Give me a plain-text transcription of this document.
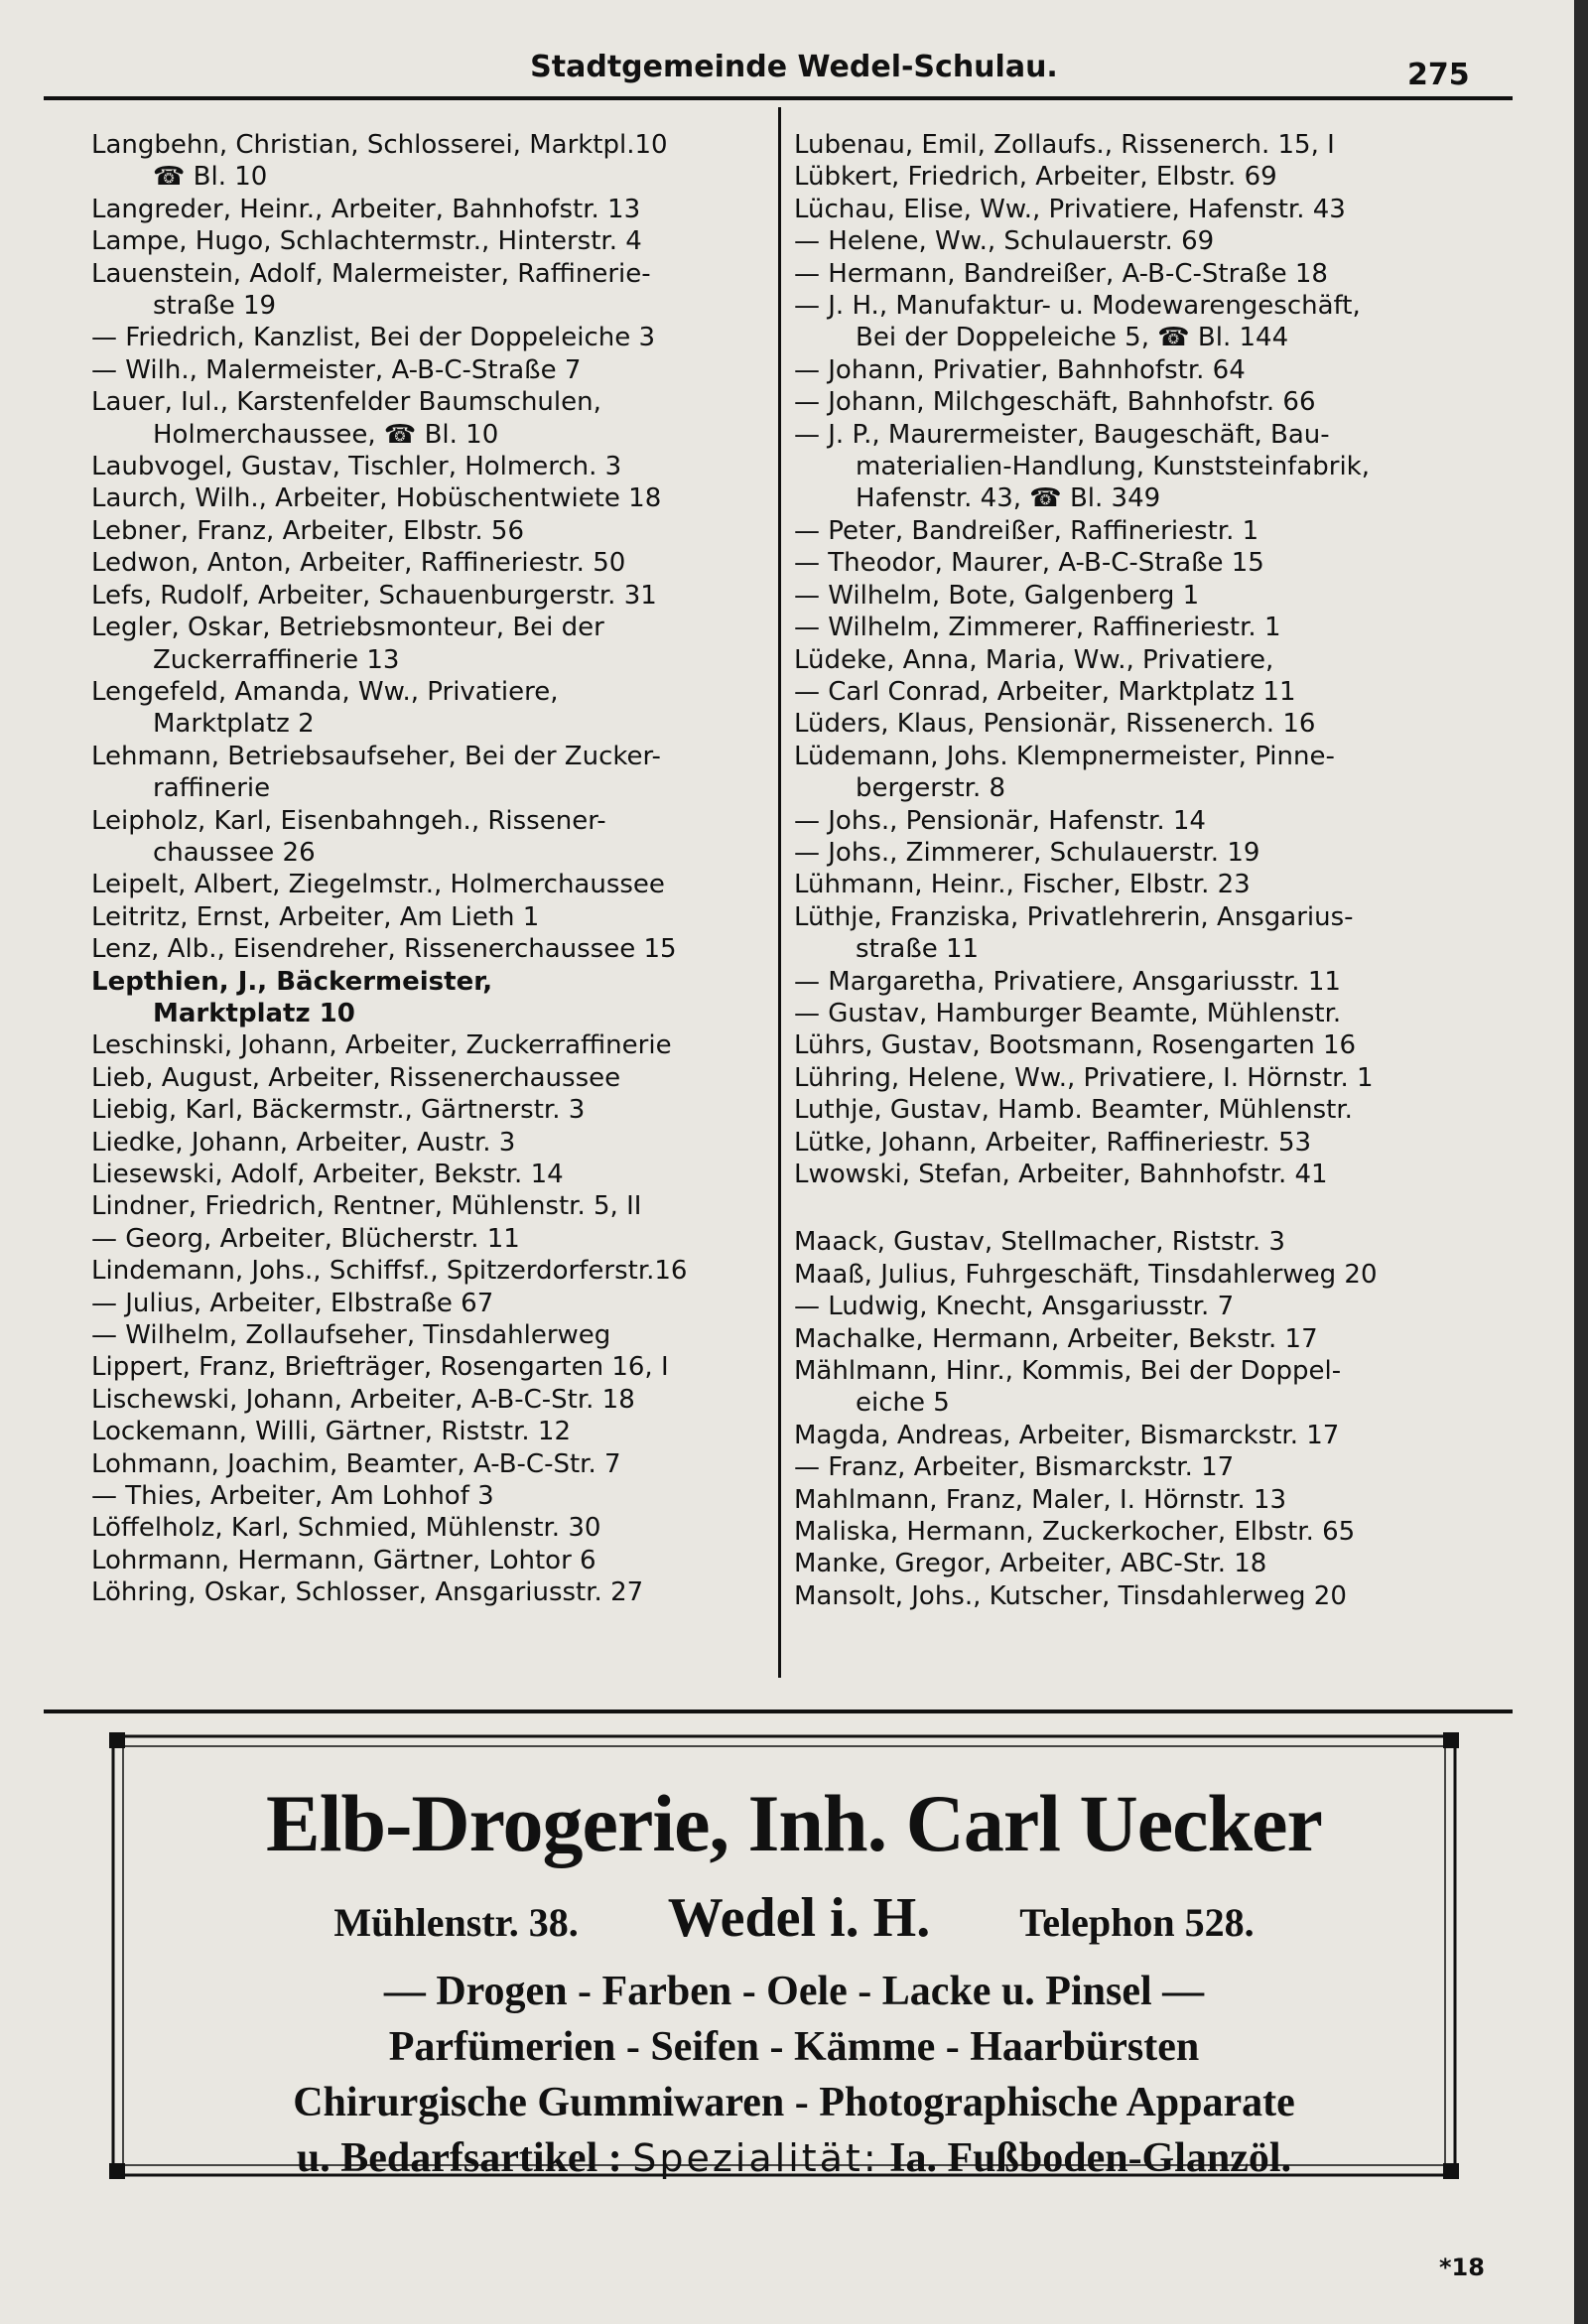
Stadtgemeinde Wedel-Schulau.	275
Langbehn, Christian, Schlosserei, Marktpl.10
☎ Bl. 10
Langreder, Heinr., Arbeiter, Bahnhofstr. 13
Lampe, Hugo, Schlachtermstr., Hinterstr. 4
Lauenstein, Adolf, Malermeister, Raffinerie-
straße 19
— Friedrich, Kanzlist, Bei der Doppeleiche 3
— Wilh., Malermeister, A-B-C-Straße 7
Lauer, Iul., Karstenfelder Baumschulen,
Holmerchaussee, ☎ Bl. 10
Laubvogel, Gustav, Tischler, Holmerch. 3
Laurch, Wilh., Arbeiter, Hobüschentwiete 18
Lebner, Franz, Arbeiter, Elbstr. 56
Ledwon, Anton, Arbeiter, Raffineriestr. 50
Lefs, Rudolf, Arbeiter, Schauenburgerstr. 31
Legler, Oskar, Betriebsmonteur, Bei der
Zuckerraffinerie 13
Lengefeld, Amanda, Ww., Privatiere,
Marktplatz 2
Lehmann, Betriebsaufseher, Bei der Zucker-
raffinerie
Leipholz, Karl, Eisenbahngeh., Rissener-
chaussee 26
Leipelt, Albert, Ziegelmstr., Holmerchaussee
Leitritz, Ernst, Arbeiter, Am Lieth 1
Lenz, Alb., Eisendreher, Rissenerchaussee 15
Lepthien, J., Bäckermeister,
Marktplatz 10
Leschinski, Johann, Arbeiter, Zuckerraffinerie
Lieb, August, Arbeiter, Rissenerchaussee
Liebig, Karl, Bäckermstr., Gärtnerstr. 3
Liedke, Johann, Arbeiter, Austr. 3
Liesewski, Adolf, Arbeiter, Bekstr. 14
Lindner, Friedrich, Rentner, Mühlenstr. 5, II
— Georg, Arbeiter, Blücherstr. 11
Lindemann, Johs., Schiffsf., Spitzerdorferstr.16
— Julius, Arbeiter, Elbstraße 67
— Wilhelm, Zollaufseher, Tinsdahlerweg
Lippert, Franz, Briefträger, Rosengarten 16, I
Lischewski, Johann, Arbeiter, A-B-C-Str. 18
Lockemann, Willi, Gärtner, Riststr. 12
Lohmann, Joachim, Beamter, A-B-C-Str. 7
— Thies, Arbeiter, Am Lohhof 3
Löffelholz, Karl, Schmied, Mühlenstr. 30
Lohrmann, Hermann, Gärtner, Lohtor 6
Löhring, Oskar, Schlosser, Ansgariusstr. 27
Lubenau, Emil, Zollaufs., Rissenerch. 15, I
Lübkert, Friedrich, Arbeiter, Elbstr. 69
Lüchau, Elise, Ww., Privatiere, Hafenstr. 43
— Helene, Ww., Schulauerstr. 69
— Hermann, Bandreißer, A-B-C-Straße 18
— J. H., Manufaktur- u. Modewarengeschäft,
Bei der Doppeleiche 5, ☎ Bl. 144
— Johann, Privatier, Bahnhofstr. 64
— Johann, Milchgeschäft, Bahnhofstr. 66
— J. P., Maurermeister, Baugeschäft, Bau-
materialien-Handlung, Kunststeinfabrik,
Hafenstr. 43, ☎ Bl. 349
— Peter, Bandreißer, Raffineriestr. 1
— Theodor, Maurer, A-B-C-Straße 15
— Wilhelm, Bote, Galgenberg 1
— Wilhelm, Zimmerer, Raffineriestr. 1
Lüdeke, Anna, Maria, Ww., Privatiere,
— Carl Conrad, Arbeiter, Marktplatz 11
Lüders, Klaus, Pensionär, Rissenerch. 16
Lüdemann, Johs. Klempnermeister, Pinne-
bergerstr. 8
— Johs., Pensionär, Hafenstr. 14
— Johs., Zimmerer, Schulauerstr. 19
Lühmann, Heinr., Fischer, Elbstr. 23
Lüthje, Franziska, Privatlehrerin, Ansgarius-
straße 11
— Margaretha, Privatiere, Ansgariusstr. 11
— Gustav, Hamburger Beamte, Mühlenstr.
Lührs, Gustav, Bootsmann, Rosengarten 16
Lühring, Helene, Ww., Privatiere, I. Hörnstr. 1
Luthje, Gustav, Hamb. Beamter, Mühlenstr.
Lütke, Johann, Arbeiter, Raffineriestr. 53
Lwowski, Stefan, Arbeiter, Bahnhofstr. 41
Maack, Gustav, Stellmacher, Riststr. 3
Maaß, Julius, Fuhrgeschäft, Tinsdahlerweg 20
— Ludwig, Knecht, Ansgariusstr. 7
Machalke, Hermann, Arbeiter, Bekstr. 17
Mählmann, Hinr., Kommis, Bei der Doppel-
eiche 5
Magda, Andreas, Arbeiter, Bismarckstr. 17
— Franz, Arbeiter, Bismarckstr. 17
Mahlmann, Franz, Maler, I. Hörnstr. 13
Maliska, Hermann, Zuckerkocher, Elbstr. 65
Manke, Gregor, Arbeiter, ABC-Str. 18
Mansolt, Johs., Kutscher, Tinsdahlerweg 20
Elb-Drogerie, Inh. Carl Uecker
Mühlenstr. 38. Wedel i. H. Telephon 528.
— Drogen - Farben - Oele - Lacke u. Pinsel —
Parfümerien - Seifen - Kämme - Haarbürsten
Chirurgische Gummiwaren - Photographische Apparate
u. Bedarfsartikel : Spezialität: Ia. Fußboden-Glanzöl.
*18
